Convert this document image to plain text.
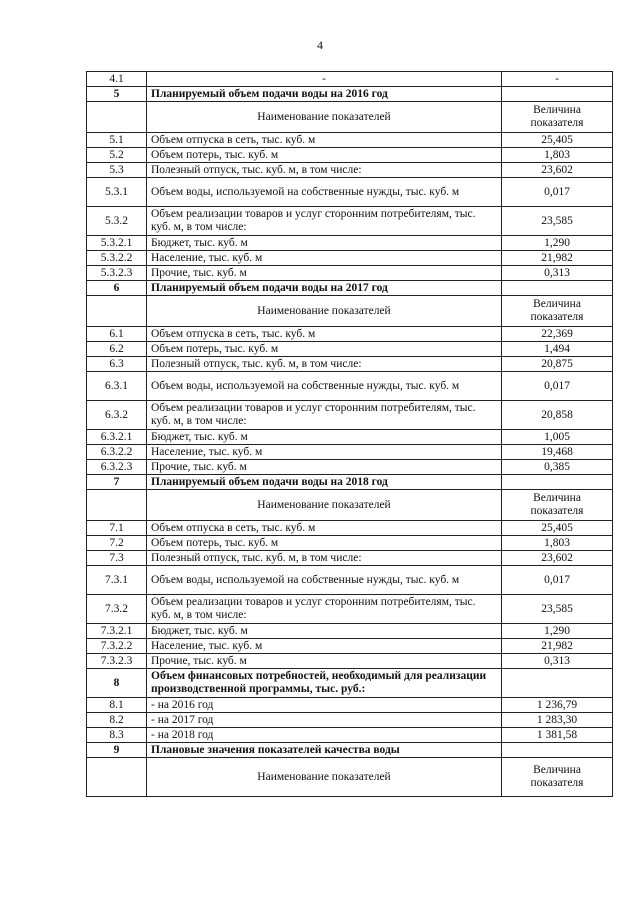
4
4.1	-	-
5	Планируемый объем подачи воды на 2016 год	
	Наименование показателей	Величина показателя
5.1	Объем отпуска в сеть, тыс. куб. м	25,405
5.2	Объем потерь, тыс. куб. м	1,803
5.3	Полезный отпуск, тыс. куб. м, в том числе:	23,602
5.3.1	Объем воды, используемой на собственные нужды, тыс. куб. м	0,017
5.3.2	Объем реализации товаров и услуг сторонним потребителям, тыс. куб. м, в том числе:	23,585
5.3.2.1	Бюджет, тыс. куб. м	1,290
5.3.2.2	Население, тыс. куб. м	21,982
5.3.2.3	Прочие, тыс. куб. м	0,313
6	Планируемый объем подачи воды на 2017 год	
	Наименование показателей	Величина показателя
6.1	Объем отпуска в сеть, тыс. куб. м	22,369
6.2	Объем потерь, тыс. куб. м	1,494
6.3	Полезный отпуск, тыс. куб. м, в том числе:	20,875
6.3.1	Объем воды, используемой на собственные нужды, тыс. куб. м	0,017
6.3.2	Объем реализации товаров и услуг сторонним потребителям, тыс. куб. м, в том числе:	20,858
6.3.2.1	Бюджет, тыс. куб. м	1,005
6.3.2.2	Население, тыс. куб. м	19,468
6.3.2.3	Прочие, тыс. куб. м	0,385
7	Планируемый объем подачи воды на 2018 год	
	Наименование показателей	Величина показателя
7.1	Объем отпуска в сеть, тыс. куб. м	25,405
7.2	Объем потерь, тыс. куб. м	1,803
7.3	Полезный отпуск, тыс. куб. м, в том числе:	23,602
7.3.1	Объем воды, используемой на собственные нужды, тыс. куб. м	0,017
7.3.2	Объем реализации товаров и услуг сторонним потребителям, тыс. куб. м, в том числе:	23,585
7.3.2.1	Бюджет, тыс. куб. м	1,290
7.3.2.2	Население, тыс. куб. м	21,982
7.3.2.3	Прочие, тыс. куб. м	0,313
8	Объем финансовых потребностей, необходимый для реализации производственной программы, тыс. руб.:	
8.1	- на 2016 год	1 236,79
8.2	- на 2017 год	1 283,30
8.3	- на 2018 год	1 381,58
9	Плановые значения показателей качества воды	
	Наименование показателей	Величина показателя
